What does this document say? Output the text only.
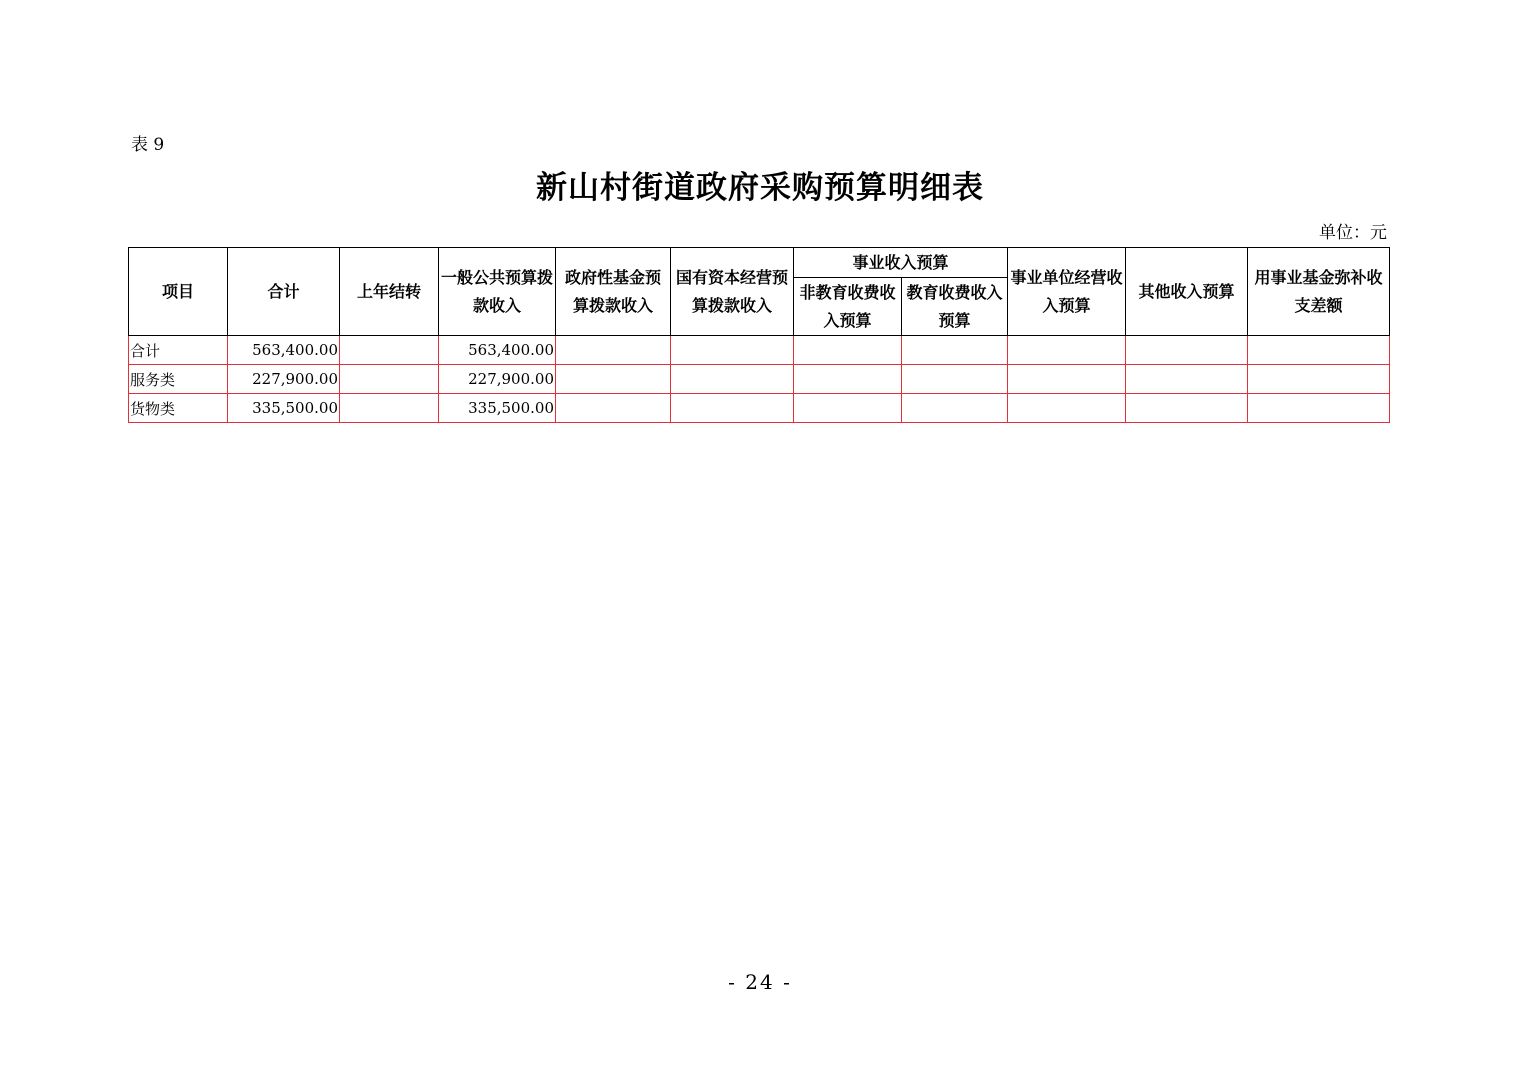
表 9
新山村街道政府采购预算明细表
单位：元
项目	合计	上年结转	一般公共预算拨款收入	政府性基金预算拨款收入	国有资本经营预算拨款收入	事业收入预算		事业单位经营收入预算	其他收入预算	用事业基金弥补收支差额
						非教育收费收入预算	教育收费收入预算			
合计	563,400.00		563,400.00							
服务类	227,900.00		227,900.00							
货物类	335,500.00		335,500.00							
- 24 -
